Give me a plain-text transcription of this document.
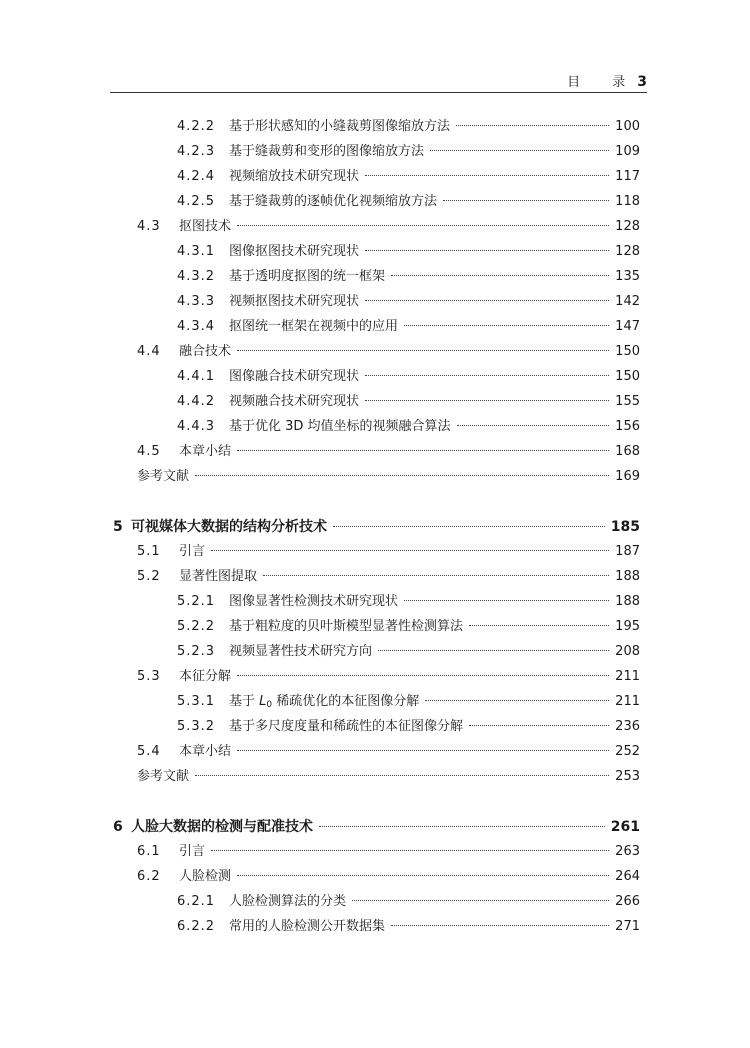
目 录
3
4.2.2	基于形状感知的小缝裁剪图像缩放方法	100
4.2.3	基于缝裁剪和变形的图像缩放方法	109
4.2.4	视频缩放技术研究现状	117
4.2.5	基于缝裁剪的逐帧优化视频缩放方法	118
4.3	抠图技术	128
4.3.1	图像抠图技术研究现状	128
4.3.2	基于透明度抠图的统一框架	135
4.3.3	视频抠图技术研究现状	142
4.3.4	抠图统一框架在视频中的应用	147
4.4	融合技术	150
4.4.1	图像融合技术研究现状	150
4.4.2	视频融合技术研究现状	155
4.4.3	基于优化 3D 均值坐标的视频融合算法	156
4.5	本章小结	168
参考文献	169
5 可视媒体大数据的结构分析技术	185
5.1	引言	187
5.2	显著性图提取	188
5.2.1	图像显著性检测技术研究现状	188
5.2.2	基于粗粒度的贝叶斯模型显著性检测算法	195
5.2.3	视频显著性技术研究方向	208
5.3	本征分解	211
5.3.1	基于 L0 稀疏优化的本征图像分解	211
5.3.2	基于多尺度度量和稀疏性的本征图像分解	236
5.4	本章小结	252
参考文献	253
6 人脸大数据的检测与配准技术	261
6.1	引言	263
6.2	人脸检测	264
6.2.1	人脸检测算法的分类	266
6.2.2	常用的人脸检测公开数据集	271
